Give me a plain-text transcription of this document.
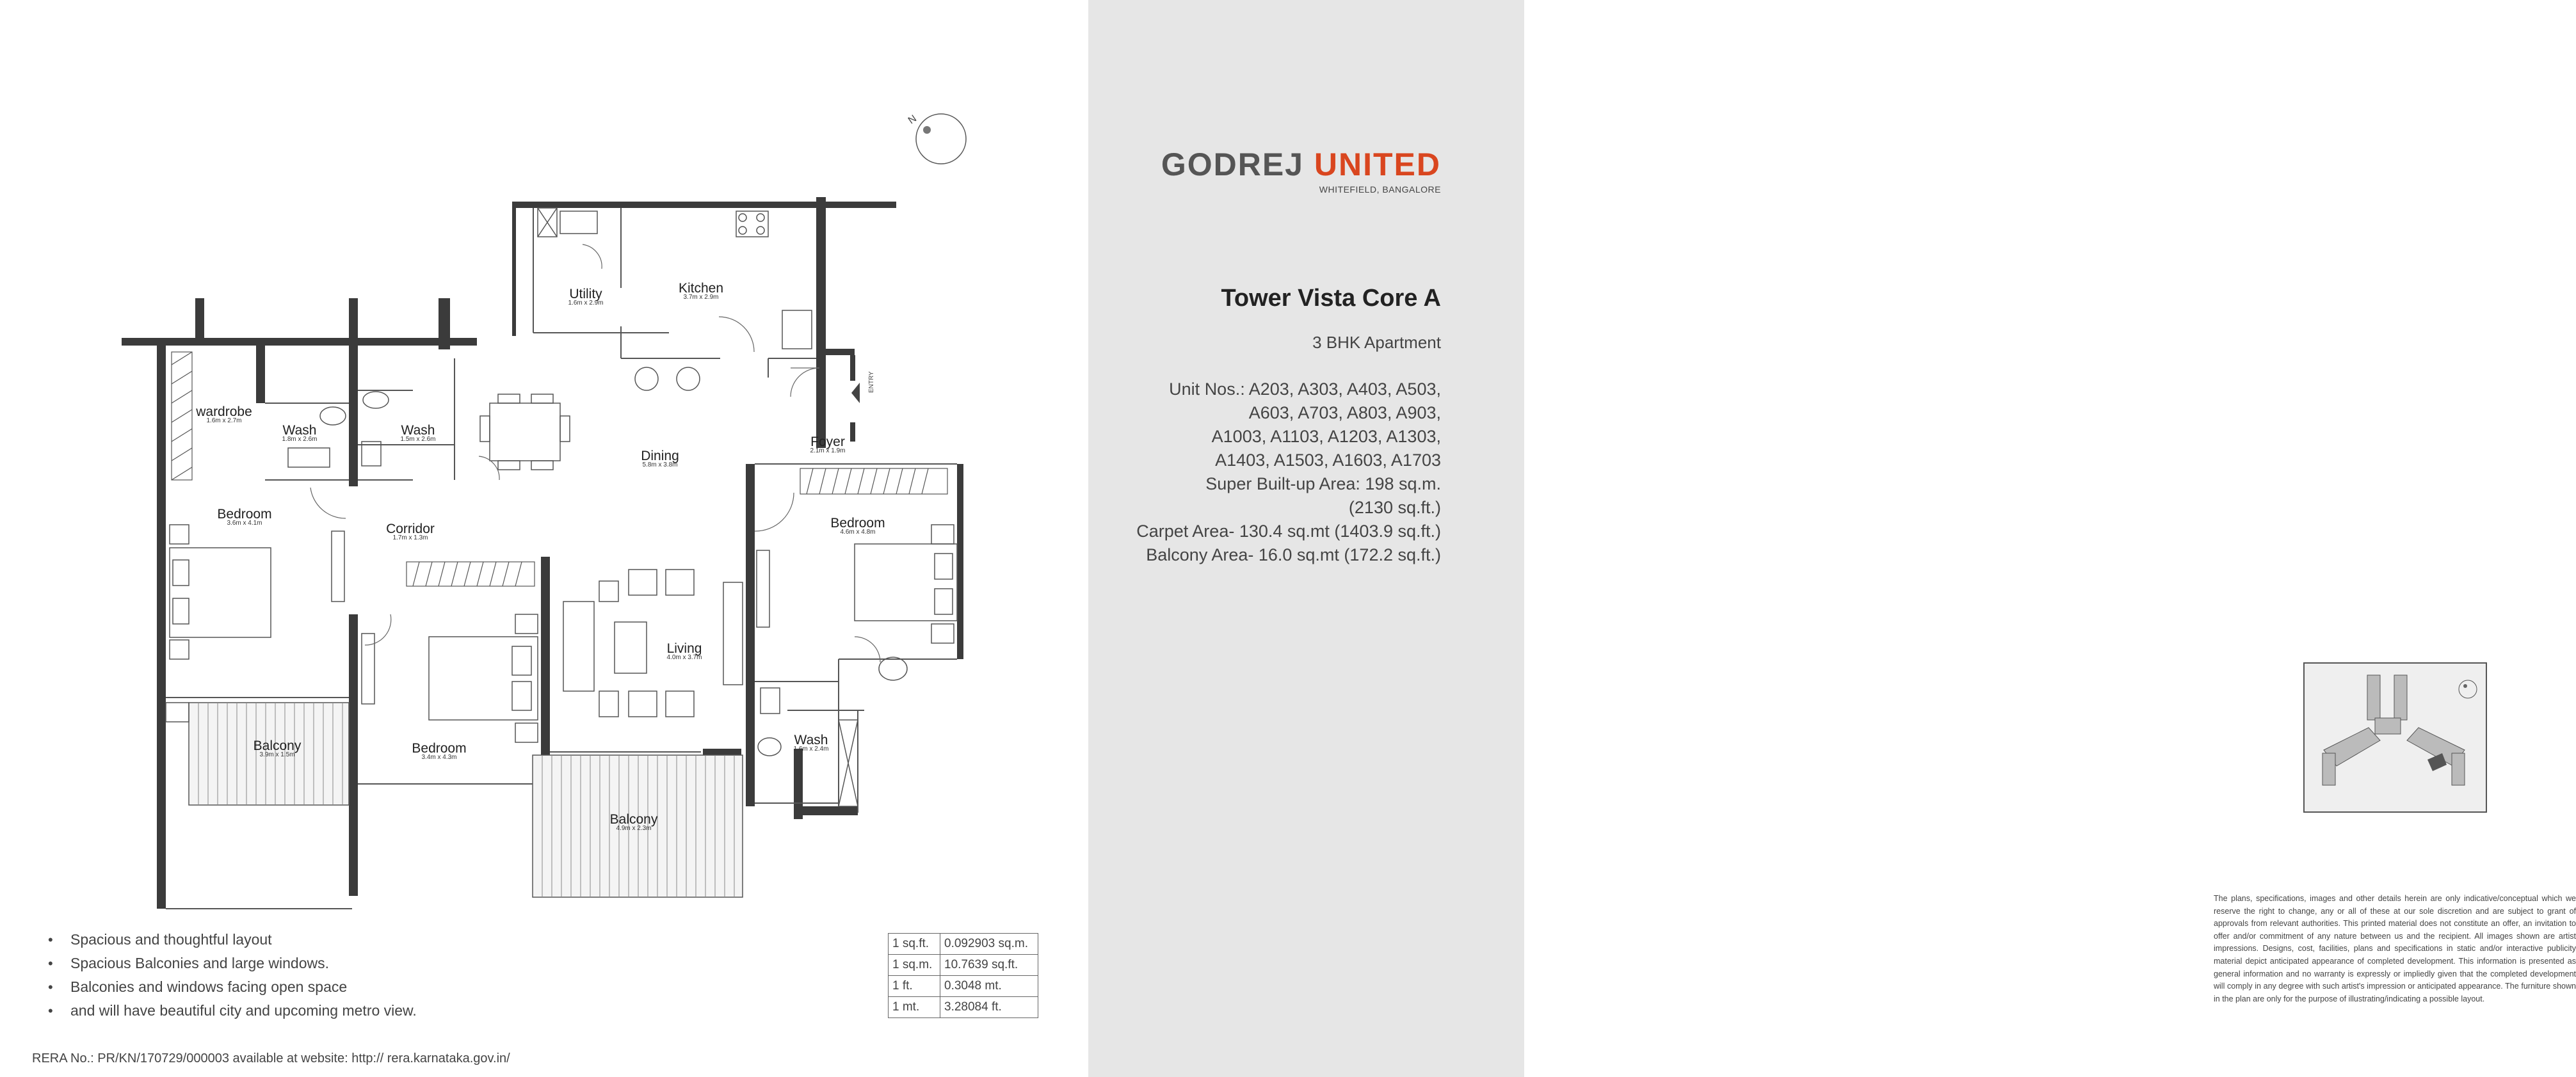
N
ENTRY
Utility
1.6m x 2.9m
Kitchen
3.7m x 2.9m
wardrobe
1.6m x 2.7m
Wash
1.8m x 2.6m
Wash
1.5m x 2.6m
Dining
5.8m x 3.8m
Foyer
2.1m x 1.9m
Bedroom
3.6m x 4.1m	Corridor
1.7m x 1.3m
Bedroom
4.6m x 4.8m
Living
4.0m x 3.7m
Balcony
3.9m x 1.5m	Bedroom
3.4m x 4.3m
Wash
1.6m x 2.4m
Balcony
4.9m x 2.3m
GODREJ UNITED
WHITEFIELD, BANGALORE
Tower Vista Core A
3 BHK Apartment
Unit Nos.: A203, A303, A403, A503,
A603, A703, A803, A903,
A1003, A1103, A1203, A1303,
A1403, A1503, A1603, A1703
Super Built-up Area: 198 sq.m.
(2130 sq.ft.)
Carpet Area- 130.4 sq.mt (1403.9 sq.ft.)
Balcony Area- 16.0 sq.mt (172.2 sq.ft.)
The plans, specifications, images and other details herein are only indicative/conceptual which we reserve the right to change, any or all of these at our sole discretion and are subject to grant of approvals from relevant authorities. This printed material does not constitute an offer, an invitation to offer and/or commitment of any nature between us and the recipient. All images shown are artist impressions. Designs, cost, facilities, plans and specifications in static and/or interactive publicity material depict anticipated appearance of completed development. This information is presented as general information and no warranty is expressly or impliedly given that the completed development will comply in any degree with such artist's impression or anticipated appearance. The furniture shown in the plan are only for the purpose of illustrating/indicating a possible layout.
• Spacious and thoughtful layout
• Spacious Balconies and large windows.
• Balconies and windows facing open space
• and will have beautiful city and upcoming metro view.
1 sq.ft.	0.092903 sq.m.
1 sq.m.	10.7639 sq.ft.
1 ft.	0.3048 mt.
1 mt.	3.28084 ft.
RERA No.: PR/KN/170729/000003 available at website: http:// rera.karnataka.gov.in/
